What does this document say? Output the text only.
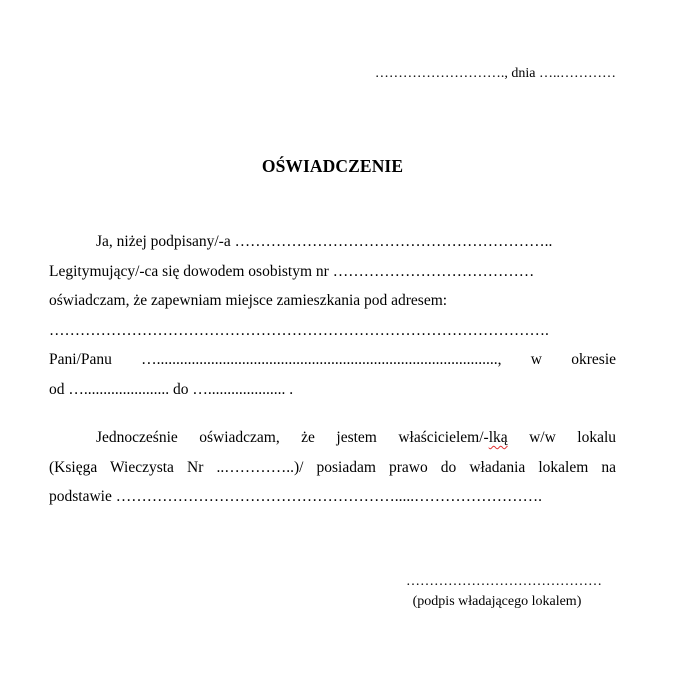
………………………., dnia …..…………
OŚWIADCZENIE
Ja, niżej podpisany/-a ……………………………………………………..
Legitymujący/-ca się dowodem osobistym nr …………………………………
oświadczam, że zapewniam miejsce zamieszkania pod adresem:
…………………………………………………………………………………….
Pani/Panu …........................................................................................, w okresie
od …...................... do ….................... .
Jednocześnie oświadczam, że jestem właścicielem/-lką w/w lokalu
(Księga Wieczysta Nr ..…………..)/ posiadam prawo do władania lokalem na
podstawie ……………………………………………….....…………………….
……………………………………
(podpis władającego lokalem)
